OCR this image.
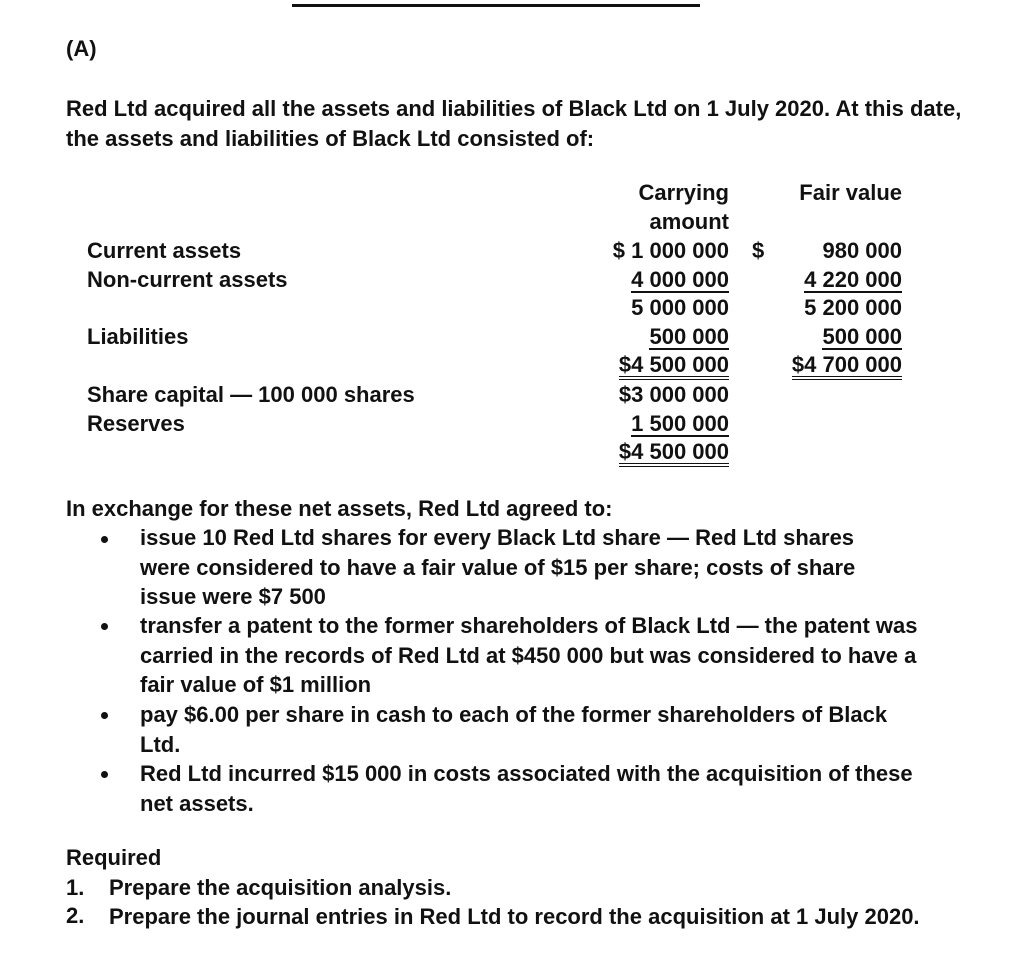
(A)
Red Ltd acquired all the assets and liabilities of Black Ltd on 1 July 2020. At this date, the assets and liabilities of Black Ltd consisted of:
Carrying
amount
Fair value
Current assets	$ 1 000 000 $	980 000
Non-current assets	4 000 000	4 220 000
5 000 000	5 200 000
Liabilities	500 000	500 000
$4 500 000	$4 700 000
Share capital — 100 000 shares	$3 000 000
Reserves	1 500 000
$4 500 000
In exchange for these net assets, Red Ltd agreed to:
issue 10 Red Ltd shares for every Black Ltd share — Red Ltd shares were considered to have a fair value of $15 per share; costs of share issue were $7 500
transfer a patent to the former shareholders of Black Ltd — the patent was carried in the records of Red Ltd at $450 000 but was considered to have a fair value of $1 million
pay $6.00 per share in cash to each of the former shareholders of Black Ltd.
Red Ltd incurred $15 000 in costs associated with the acquisition of these net assets.
Required
1. Prepare the acquisition analysis.
2. Prepare the journal entries in Red Ltd to record the acquisition at 1 July 2020.
